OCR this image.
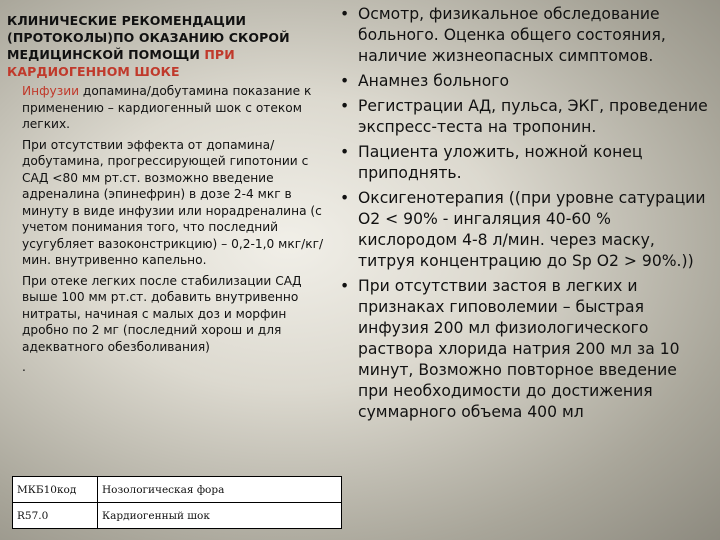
КЛИНИЧЕСКИЕ РЕКОМЕНДАЦИИ (ПРОТОКОЛЫ)ПО ОКАЗАНИЮ СКОРОЙ МЕДИЦИНСКОЙ ПОМОЩИ ПРИ КАРДИОГЕННОМ ШОКЕ

Инфузии допамина/добутамина показание к применению – кардиогенный шок с отеком легких.

При отсутствии эффекта от допамина/добутамина, прогрессирующей гипотонии с САД <80 мм рт.ст. возможно введение адреналина (эпинефрин) в дозе 2-4 мкг в минуту в виде инфузии или норадреналина (с учетом понимания того, что последний усугубляет вазоконстрикцию) – 0,2-1,0 мкг/кг/мин. внутривенно капельно.

При отеке легких после стабилизации САД выше 100 мм рт.ст. добавить внутривенно нитраты, начиная с малых доз и морфин дробно по 2 мг (последний хорош и для адекватного обезболивания)

.

• Осмотр, физикальное обследование больного. Оценка общего состояния, наличие жизнеопасных симптомов.
• Анамнез больного
• Регистрации АД, пульса, ЭКГ, проведение экспресс-теста на тропонин.
• Пациента уложить, ножной конец приподнять.
• Оксигенотерапия ((при уровне сатурации О2 < 90% - ингаляция 40-60 % кислородом 4-8 л/мин. через маску, титруя концентрацию до Sр О2 > 90%.))
• При отсутствии застоя в легких и признаках гиповолемии – быстрая инфузия 200 мл физиологического раствора хлорида натрия 200 мл за 10 минут, Возможно повторное введение при необходимости до достижения суммарного объема 400 мл
МКБ10код	Нозологическая фора
R57.0	Кардиогенный шок
